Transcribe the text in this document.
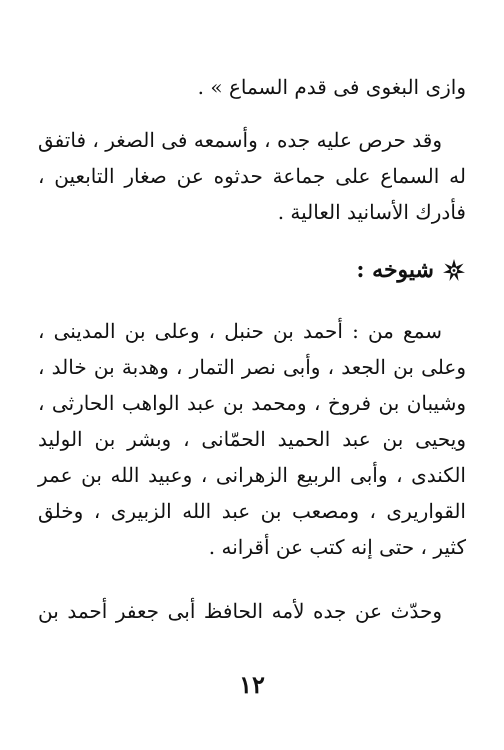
وازى البغوى فى قدم السماع » .
وقد حرص عليه جده ، وأسمعه فى الصغر ، فاتفق
له السماع على جماعة حدثوه عن صغار التابعين ،
فأدرك الأسانيد العالية .
شيوخه :
سمع من : أحمد بن حنبل ، وعلى بن المدينى ،
وعلى بن الجعد ، وأبى نصر التمار ، وهدبة بن خالد ،
وشيبان بن فروخ ، ومحمد بن عبد الواهب الحارثى ،
ويحيى بن عبد الحميد الحمّانى ، وبشر بن الوليد
الكندى ، وأبى الربيع الزهرانى ، وعبيد الله بن عمر
القواريرى ، ومصعب بن عبد الله الزبيرى ، وخلق
كثير ، حتى إنه كتب عن أقرانه .
وحدّث عن جده لأمه الحافظ أبى جعفر أحمد بن
١٢
